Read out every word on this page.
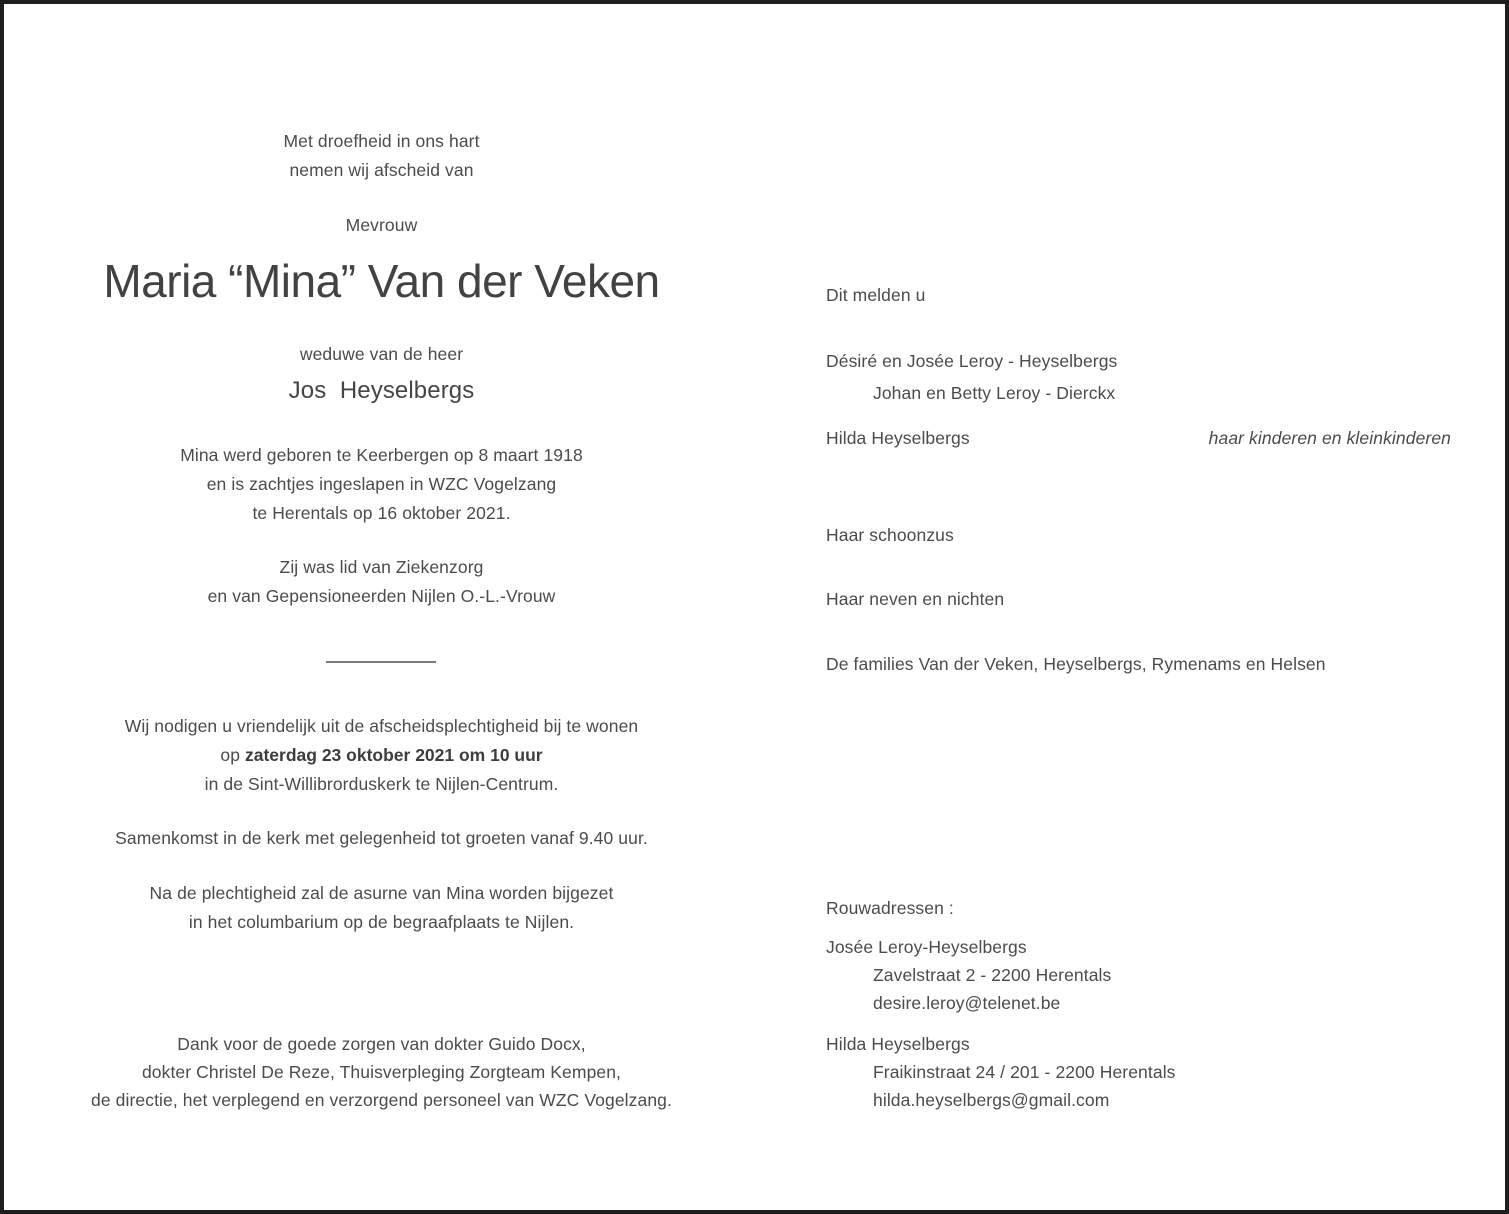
Met droefheid in ons hart
nemen wij afscheid van
Mevrouw
Maria “Mina” Van der Veken
weduwe van de heer
Jos  Heyselbergs
Mina werd geboren te Keerbergen op 8 maart 1918
en is zachtjes ingeslapen in WZC Vogelzang
te Herentals op 16 oktober 2021.
Zij was lid van Ziekenzorg
en van Gepensioneerden Nijlen O.-L.-Vrouw
Wij nodigen u vriendelijk uit de afscheidsplechtigheid bij te wonen
op zaterdag 23 oktober 2021 om 10 uur
in de Sint-Willibrorduskerk te Nijlen-Centrum.
Samenkomst in de kerk met gelegenheid tot groeten vanaf 9.40 uur.
Na de plechtigheid zal de asurne van Mina worden bijgezet
in het columbarium op de begraafplaats te Nijlen.
Dank voor de goede zorgen van dokter Guido Docx,
dokter Christel De Reze, Thuisverpleging Zorgteam Kempen,
de directie, het verplegend en verzorgend personeel van WZC Vogelzang.
Dit melden u
Désiré en Josée Leroy - Heyselbergs
Johan en Betty Leroy - Dierckx
Hilda Heyselbergs	haar kinderen en kleinkinderen
Haar schoonzus
Haar neven en nichten
De families Van der Veken, Heyselbergs, Rymenams en Helsen
Rouwadressen :
Josée Leroy-Heyselbergs
Zavelstraat 2 - 2200 Herentals
desire.leroy@telenet.be
Hilda Heyselbergs
Fraikinstraat 24 / 201 - 2200 Herentals
hilda.heyselbergs@gmail.com
